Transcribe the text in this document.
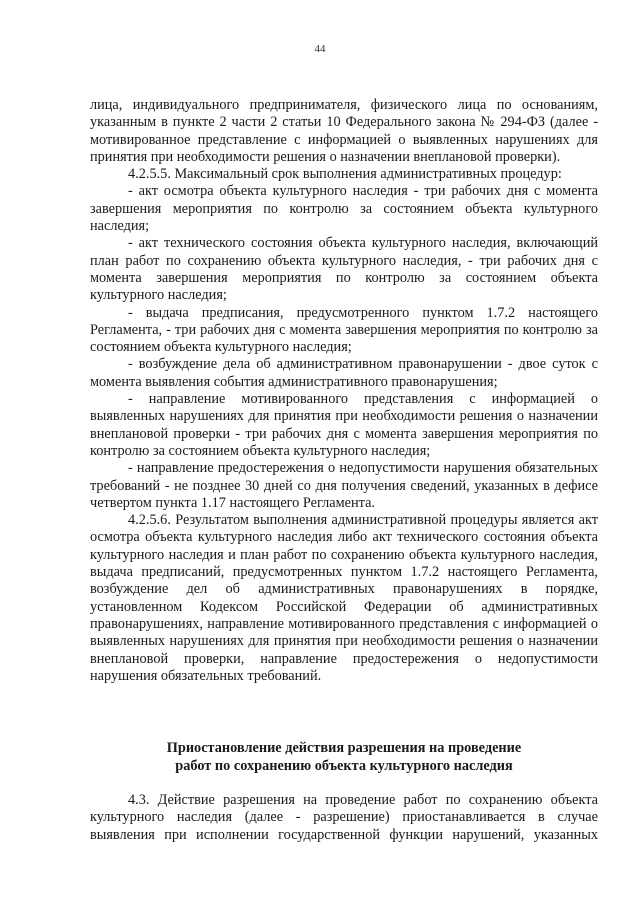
44

лица, индивидуального предпринимателя, физического лица по основаниям, указанным в пункте 2 части 2 статьи 10 Федерального закона № 294-ФЗ (далее - мотивированное представление с информацией о выявленных нарушениях для принятия при необходимости решения о назначении внеплановой проверки).

4.2.5.5. Максимальный срок выполнения административных процедур:

- акт осмотра объекта культурного наследия - три рабочих дня с момента завершения мероприятия по контролю за состоянием объекта культурного наследия;

- акт технического состояния объекта культурного наследия, включающий план работ по сохранению объекта культурного наследия, - три рабочих дня с момента завершения мероприятия по контролю за состоянием объекта культурного наследия;

- выдача предписания, предусмотренного пунктом 1.7.2 настоящего Регламента, - три рабочих дня с момента завершения мероприятия по контролю за состоянием объекта культурного наследия;

- возбуждение дела об административном правонарушении - двое суток с момента выявления события административного правонарушения;

- направление мотивированного представления с информацией о выявленных нарушениях для принятия при необходимости решения о назначении внеплановой проверки - три рабочих дня с момента завершения мероприятия по контролю за состоянием объекта культурного наследия;

- направление предостережения о недопустимости нарушения обязательных требований - не позднее 30 дней со дня получения сведений, указанных в дефисе четвертом пункта 1.17 настоящего Регламента.

4.2.5.6. Результатом выполнения административной процедуры является акт осмотра объекта культурного наследия либо акт технического состояния объекта культурного наследия и план работ по сохранению объекта культурного наследия, выдача предписаний, предусмотренных пунктом 1.7.2 настоящего Регламента, возбуждение дел об административных правонарушениях в порядке, установленном Кодексом Российской Федерации об административных правонарушениях, направление мотивированного представления с информацией о выявленных нарушениях для принятия при необходимости решения о назначении внеплановой проверки, направление предостережения о недопустимости нарушения обязательных требований.

Приостановление действия разрешения на проведение
работ по сохранению объекта культурного наследия

4.3. Действие разрешения на проведение работ по сохранению объекта культурного наследия (далее - разрешение) приостанавливается в случае выявления при исполнении государственной функции нарушений, указанных
